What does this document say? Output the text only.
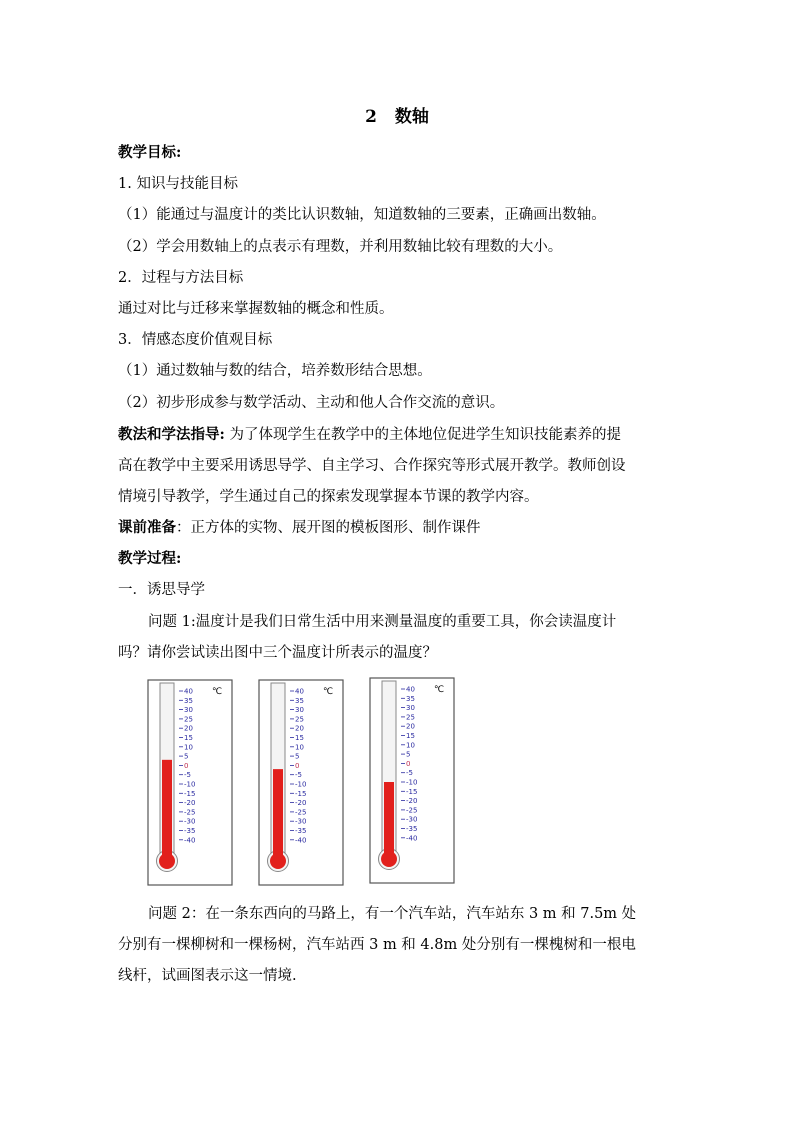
2 数轴
教学目标:
1. 知识与技能目标
（1）能通过与温度计的类比认识数轴，知道数轴的三要素，正确画出数轴。
（2）学会用数轴上的点表示有理数，并利用数轴比较有理数的大小。
2．过程与方法目标
通过对比与迁移来掌握数轴的概念和性质。
3．情感态度价值观目标
（1）通过数轴与数的结合，培养数形结合思想。
（2）初步形成参与数学活动、主动和他人合作交流的意识。
教法和学法指导: 为了体现学生在教学中的主体地位促进学生知识技能素养的提
高在教学中主要采用诱思导学、自主学习、合作探究等形式展开教学。教师创设
情境引导教学，学生通过自己的探索发现掌握本节课的教学内容。
课前准备：正方体的实物、展开图的模板图形、制作课件
教学过程:
一．诱思导学
问题 1:温度计是我们日常生活中用来测量温度的重要工具，你会读温度计
吗？请你尝试读出图中三个温度计所表示的温度？
40
35
30
25
20
15
10
5
0
-5
-10
-15
-20
-25
-30
-35
-40
℃	40
35
30
25
20
15
10
5
0
-5
-10
-15
-20
-25
-30
-35
-40
℃	40
35
30
25
20
15
10
5
0
-5
-10
-15
-20
-25
-30
-35
-40
℃
问题 2：在一条东西向的马路上，有一个汽车站，汽车站东 3 m 和 7.5m 处
分别有一棵柳树和一棵杨树，汽车站西 3 m 和 4.8m 处分别有一棵槐树和一根电
线杆，试画图表示这一情境.
